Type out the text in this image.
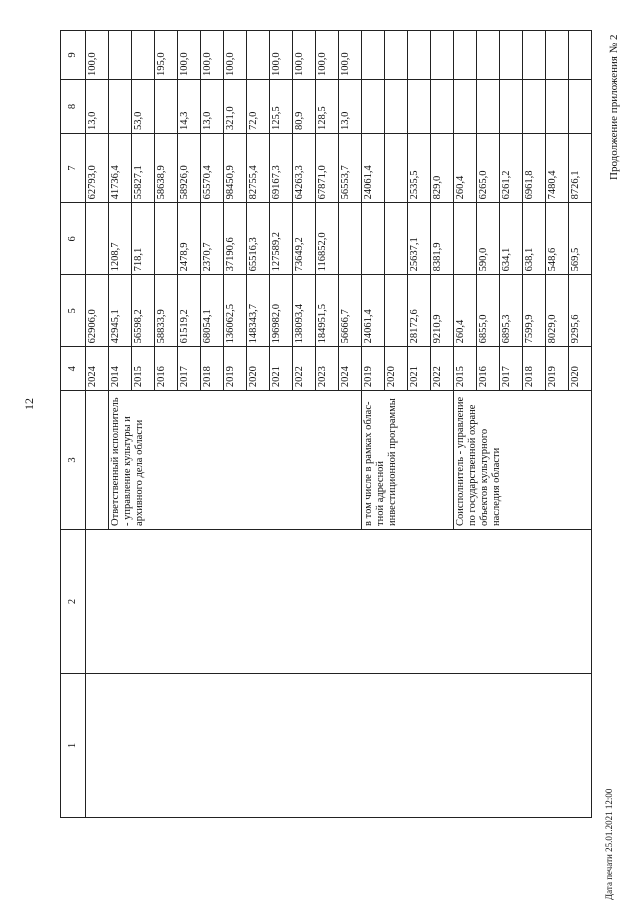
12
Продолжение приложения № 2
Дата печати 25.01.2021 12:00
1	2	3	4	5	6	7	8	9
			2024	62906,0		62793,0	13,0	100,0
		Ответственный исполнитель - управление культуры и архивного дела области	2014	42945,1	1208,7	41736,4		
			2015	56598,2	718,1	55827,1	53,0	
			2016	58833,9		58638,9		195,0
			2017	61519,2	2478,9	58926,0	14,3	100,0
			2018	68054,1	2370,7	65570,4	13,0	100,0
			2019	136062,5	37190,6	98450,9	321,0	100,0
			2020	148343,7	65516,3	82755,4	72,0	
			2021	196982,0	127589,2	69167,3	125,5	100,0
			2022	138093,4	73649,2	64263,3	80,9	100,0
			2023	184951,5	116852,0	67871,0	128,5	100,0
			2024	56666,7		56553,7	13,0	100,0
		в том числе в рамках облас-тной адресной инвестиционной программы	2019	24061,4		24061,4		
			2020					
			2021	28172,6	25637,1	2535,5		
			2022	9210,9	8381,9	829,0		
		Соисполнитель - управление по государственной охране объектов культурного наследия области	2015	260,4		260,4		
			2016	6855,0	590,0	6265,0		
			2017	6895,3	634,1	6261,2		
			2018	7599,9	638,1	6961,8		
			2019	8029,0	548,6	7480,4		
			2020	9295,6	569,5	8726,1		
